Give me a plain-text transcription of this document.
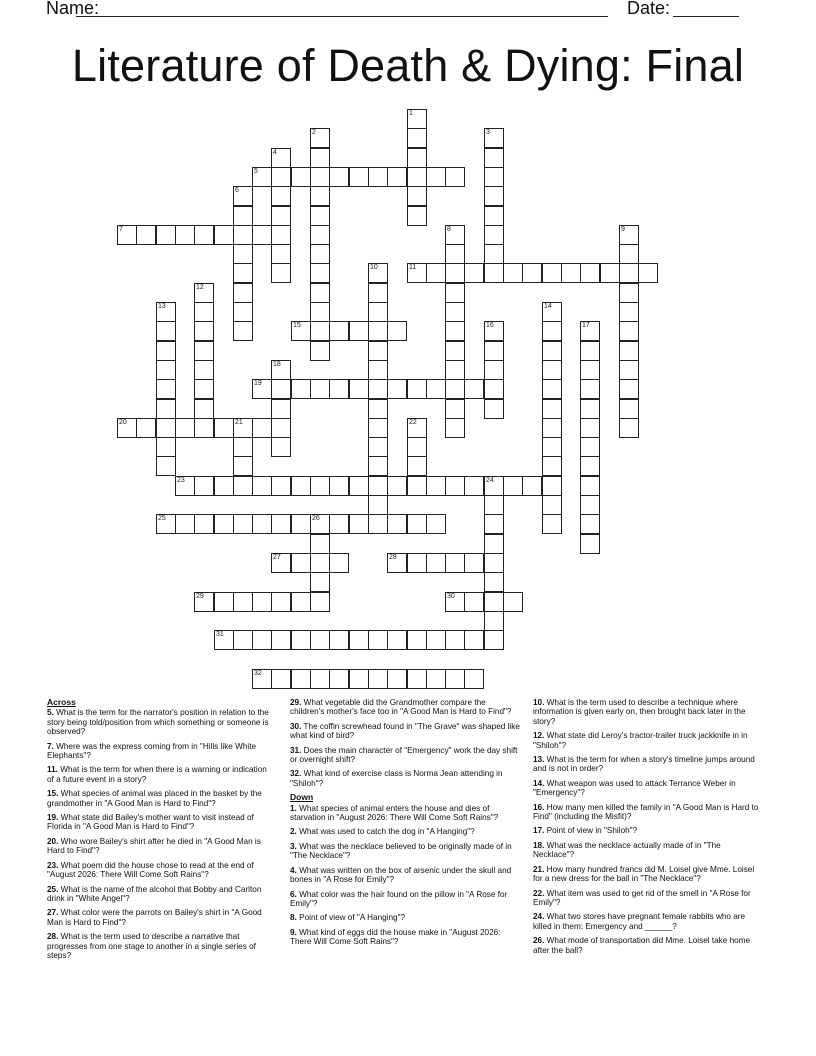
Name:	Date:
Literature of Death & Dying: Final
1
2	3
4
5
6
7	8	9
10	11
12
13	14
15	16	17
18
19
20	21	22
23	24
25	26
27	28
29	30
31
32
Across
5. What is the term for the narrator's position in relation to the story being told/position from which something or someone is observed?
7. Where was the express coming from in "Hills like White Elephants"?
11. What is the term for when there is a warning or indication of a future event in a story?
15. What species of animal was placed in the basket by the grandmother in "A Good Man is Hard to Find"?
19. What state did Bailey's mother want to visit instead of Florida in "A Good Man is Hard to Find"?
20. Who wore Bailey's shirt after he died in "A Good Man is Hard to Find"?
23. What poem did the house chose to read at the end of "August 2026: There Will Come Soft Rains"?
25. What is the name of the alcohol that Bobby and Carlton drink in "White Angel"?
27. What color were the parrots on Bailey's shirt in "A Good Man is Hard to Find"?
28. What is the term used to describe a narrative that progresses from one stage to another in a single series of steps?
29. What vegetable did the Grandmother compare the children's mother's face too in "A Good Man is Hard to Find"?
30. The coffin screwhead found in "The Grave" was shaped like what kind of bird?
31. Does the main character of "Emergency" work the day shift or overnight shift?
32. What kind of exercise class is Norma Jean attending in "Shiloh"?
Down
1. What species of animal enters the house and dies of starvation in "August 2026: There Will Come Soft Rains"?
2. What was used to catch the dog in "A Hanging"?
3. What was the necklace believed to be originally made of in "The Necklace"?
4. What was written on the box of arsenic under the skull and bones in "A Rose for Emily"?
6. What color was the hair found on the pillow in "A Rose for Emily"?
8. Point of view of "A Hanging"?
9. What kind of eggs did the house make in "August 2026: There Will Come Soft Rains"?
10. What is the term used to describe a technique where information is given early on, then brought back later in the story?
12. What state did Leroy's tractor-trailer truck jackknife in in "Shiloh"?
13. What is the term for when a story's timeline jumps around and is not in order?
14. What weapon was used to attack Terrance Weber in "Emergency"?
16. How many men killed the family in "A Good Man is Hard to Find" (including the Misfit)?
17. Point of view in "Shiloh"?
18. What was the necklace actually made of in "The Necklace"?
21. How many hundred francs did M. Loisel give Mme. Loisel for a new dress for the ball in "The Necklace"?
22. What item was used to get rid of the smell in "A Rose for Emily"?
24. What two stores have pregnant female rabbits who are killed in them: Emergency and ______?
26. What mode of transportation did Mme. Loisel take home after the ball?
